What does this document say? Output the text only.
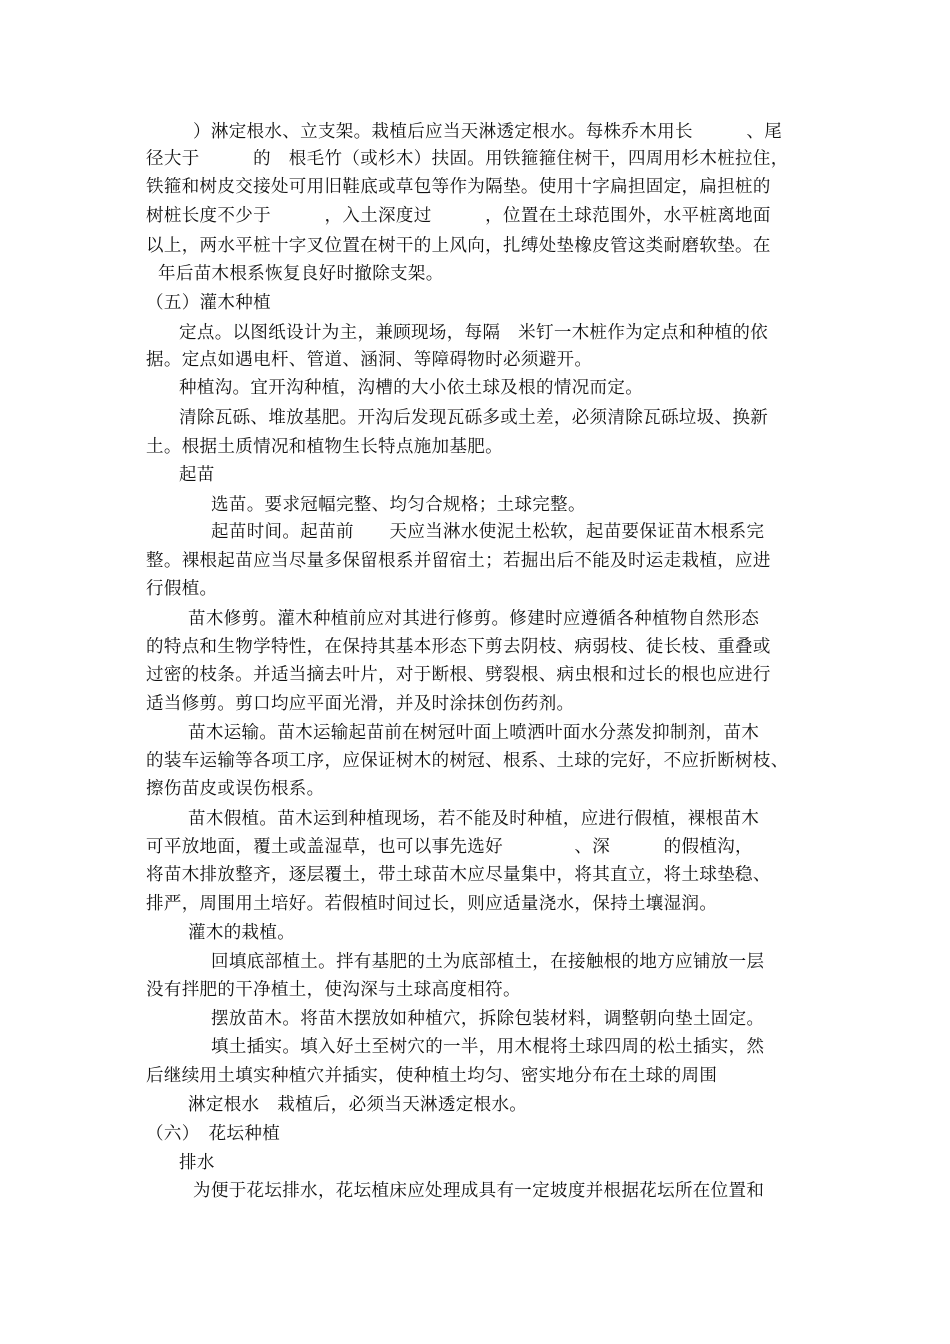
）淋定根水、立支架。栽植后应当天淋透定根水。每株乔木用长　　　、尾
径大于　　　的　根毛竹（或杉木）扶固。用铁箍箍住树干，四周用杉木桩拉住，
铁箍和树皮交接处可用旧鞋底或草包等作为隔垫。使用十字扁担固定，扁担桩的
树桩长度不少于　　　，入土深度过　　　，位置在土球范围外，水平桩离地面
以上，两水平桩十字叉位置在树干的上风向，扎缚处垫橡皮管这类耐磨软垫。在
年后苗木根系恢复良好时撤除支架。
（五）灌木种植
定点。以图纸设计为主，兼顾现场，每隔　米钉一木桩作为定点和种植的依
据。定点如遇电杆、管道、涵洞、等障碍物时必须避开。
种植沟。宜开沟种植，沟槽的大小依土球及根的情况而定。
清除瓦砾、堆放基肥。开沟后发现瓦砾多或土差，必须清除瓦砾垃圾、换新
土。根据土质情况和植物生长特点施加基肥。
起苗
选苗。要求冠幅完整、均匀合规格；土球完整。
起苗时间。起苗前　　天应当淋水使泥土松软，起苗要保证苗木根系完
整。裸根起苗应当尽量多保留根系并留宿土；若掘出后不能及时运走栽植，应进
行假植。
苗木修剪。灌木种植前应对其进行修剪。修建时应遵循各种植物自然形态
的特点和生物学特性，在保持其基本形态下剪去阴枝、病弱枝、徒长枝、重叠或
过密的枝条。并适当摘去叶片，对于断根、劈裂根、病虫根和过长的根也应进行
适当修剪。剪口均应平面光滑，并及时涂抹创伤药剂。
苗木运输。苗木运输起苗前在树冠叶面上喷洒叶面水分蒸发抑制剂，苗木
的装车运输等各项工序，应保证树木的树冠、根系、土球的完好，不应折断树枝、
擦伤苗皮或误伤根系。
苗木假植。苗木运到种植现场，若不能及时种植，应进行假植，裸根苗木
可平放地面，覆土或盖湿草，也可以事先选好　　　　、深　　　的假植沟，
将苗木排放整齐，逐层覆土，带土球苗木应尽量集中，将其直立，将土球垫稳、
排严，周围用土培好。若假植时间过长，则应适量浇水，保持土壤湿润。
灌木的栽植。
回填底部植土。拌有基肥的土为底部植土，在接触根的地方应铺放一层
没有拌肥的干净植土，使沟深与土球高度相符。
摆放苗木。将苗木摆放如种植穴，拆除包装材料，调整朝向垫土固定。
填土插实。填入好土至树穴的一半，用木棍将土球四周的松土插实，然
后继续用土填实种植穴并插实，使种植土均匀、密实地分布在土球的周围
淋定根水　栽植后，必须当天淋透定根水。
（六）　花坛种植
排水
为便于花坛排水，花坛植床应处理成具有一定坡度并根据花坛所在位置和
